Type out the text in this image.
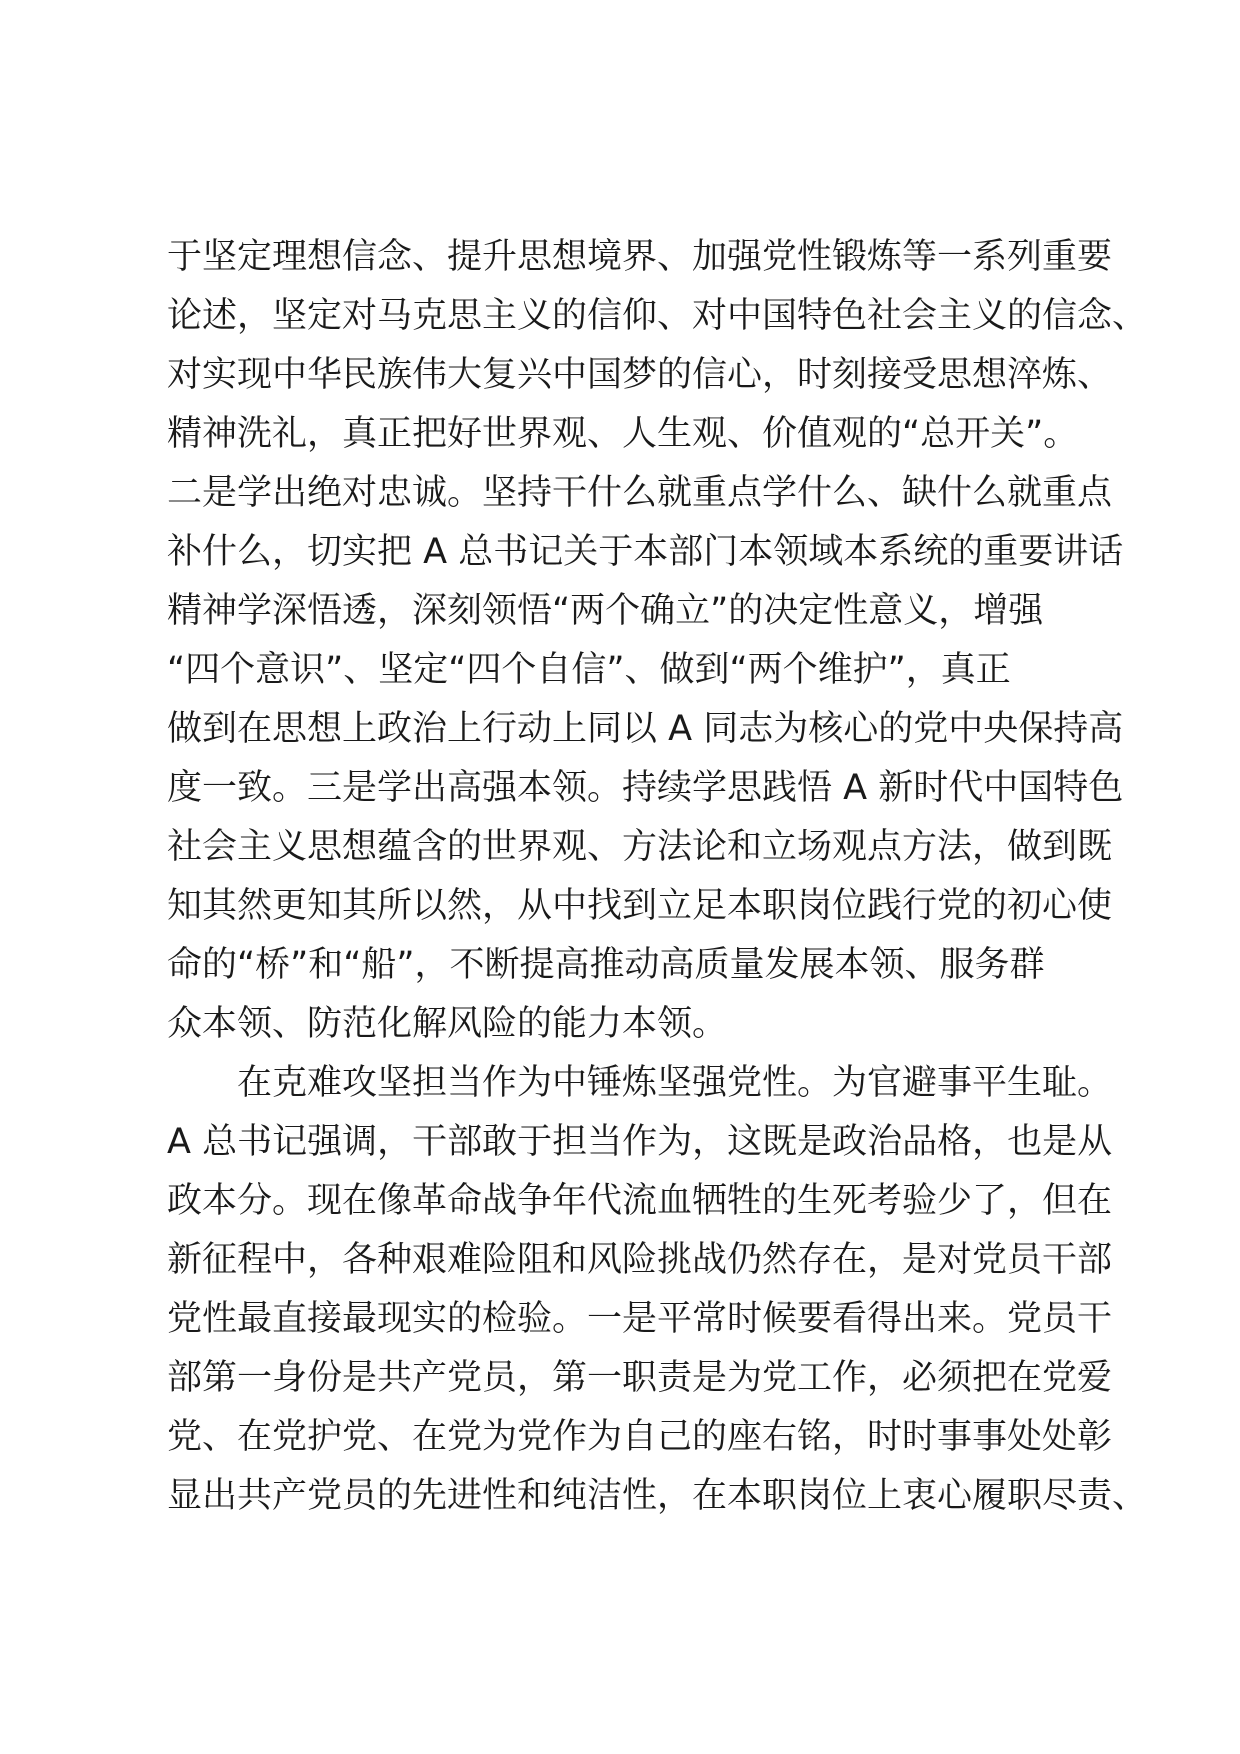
于坚定理想信念、提升思想境界、加强党性锻炼等一系列重要
论述，坚定对马克思主义的信仰、对中国特色社会主义的信念、
对实现中华民族伟大复兴中国梦的信心，时刻接受思想淬炼、
精神洗礼，真正把好世界观、人生观、价值观的“总开关”。
二是学出绝对忠诚。坚持干什么就重点学什么、缺什么就重点
补什么，切实把 A 总书记关于本部门本领域本系统的重要讲话
精神学深悟透，深刻领悟“两个确立”的决定性意义，增强
“四个意识”、坚定“四个自信”、做到“两个维护”，真正
做到在思想上政治上行动上同以 A 同志为核心的党中央保持高
度一致。三是学出高强本领。持续学思践悟 A 新时代中国特色
社会主义思想蕴含的世界观、方法论和立场观点方法，做到既
知其然更知其所以然，从中找到立足本职岗位践行党的初心使
命的“桥”和“船”，不断提高推动高质量发展本领、服务群
众本领、防范化解风险的能力本领。
　　在克难攻坚担当作为中锤炼坚强党性。为官避事平生耻。
A 总书记强调，干部敢于担当作为，这既是政治品格，也是从
政本分。现在像革命战争年代流血牺牲的生死考验少了，但在
新征程中，各种艰难险阻和风险挑战仍然存在，是对党员干部
党性最直接最现实的检验。一是平常时候要看得出来。党员干
部第一身份是共产党员，第一职责是为党工作，必须把在党爱
党、在党护党、在党为党作为自己的座右铭，时时事事处处彰
显出共产党员的先进性和纯洁性，在本职岗位上衷心履职尽责、
